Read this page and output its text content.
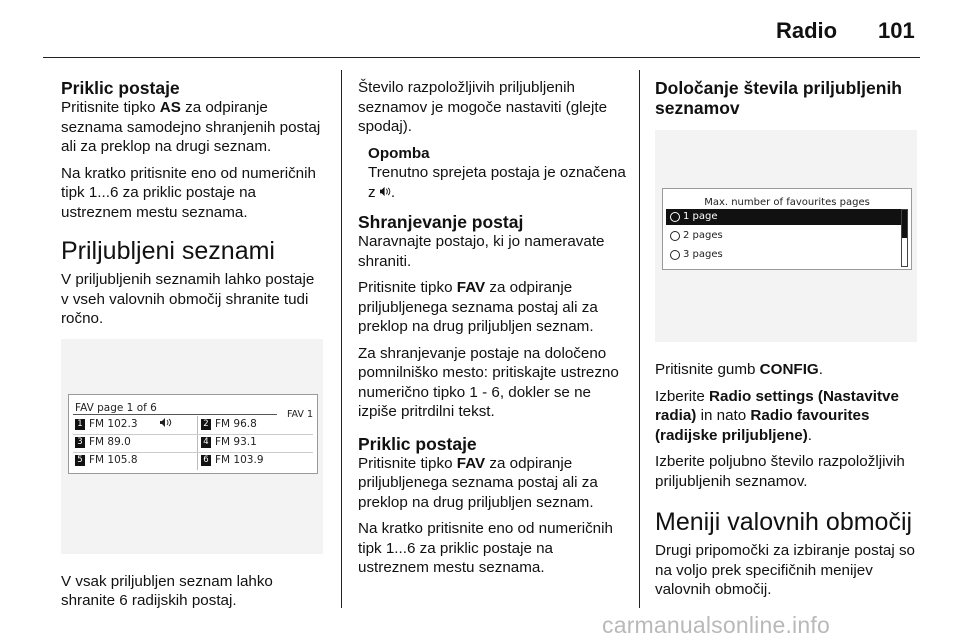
Radio 101
Priklic postaje

Pritisnite tipko AS za odpiranje seznama samodejno shranjenih postaj ali za preklop na drugi seznam.

Na kratko pritisnite eno od numeričnih tipk 1...6 za priklic postaje na ustreznem mestu seznama.

Priljubljeni seznami

V priljubljenih seznamih lahko postaje v vseh valovnih območij shranite tudi ročno.

FAV page 1 of 6
FAV 1
1 FM 102.3	2 FM 96.8
3 FM 89.0	4 FM 93.1
5 FM 105.8	6 FM 103.9

V vsak priljubljen seznam lahko shranite 6 radijskih postaj.

Število razpoložljivih priljubljenih seznamov je mogoče nastaviti (glejte spodaj).

Opomba

Trenutno sprejeta postaja je označena z .

Shranjevanje postaj

Naravnajte postajo, ki jo nameravate shraniti.

Pritisnite tipko FAV za odpiranje priljubljenega seznama postaj ali za preklop na drug priljubljen seznam.

Za shranjevanje postaje na določeno pomnilniško mesto: pritiskajte ustrezno numerično tipko 1 - 6, dokler se ne izpiše pritrdilni tekst.

Priklic postaje

Pritisnite tipko FAV za odpiranje priljubljenega seznama postaj ali za preklop na drug priljubljen seznam.

Na kratko pritisnite eno od numeričnih tipk 1...6 za priklic postaje na ustreznem mestu seznama.

Določanje števila priljubljenih seznamov
Max. number of favourites pages
1 page
2 pages
3 pages

Pritisnite gumb CONFIG.

Izberite Radio settings (Nastavitve radia) in nato Radio favourites (radijske priljubljene).

Izberite poljubno število razpoložljivih priljubljenih seznamov.

Meniji valovnih območij

Drugi pripomočki za izbiranje postaj so na voljo prek specifičnih menijev valovnih območij.

carmanualsonline.info
